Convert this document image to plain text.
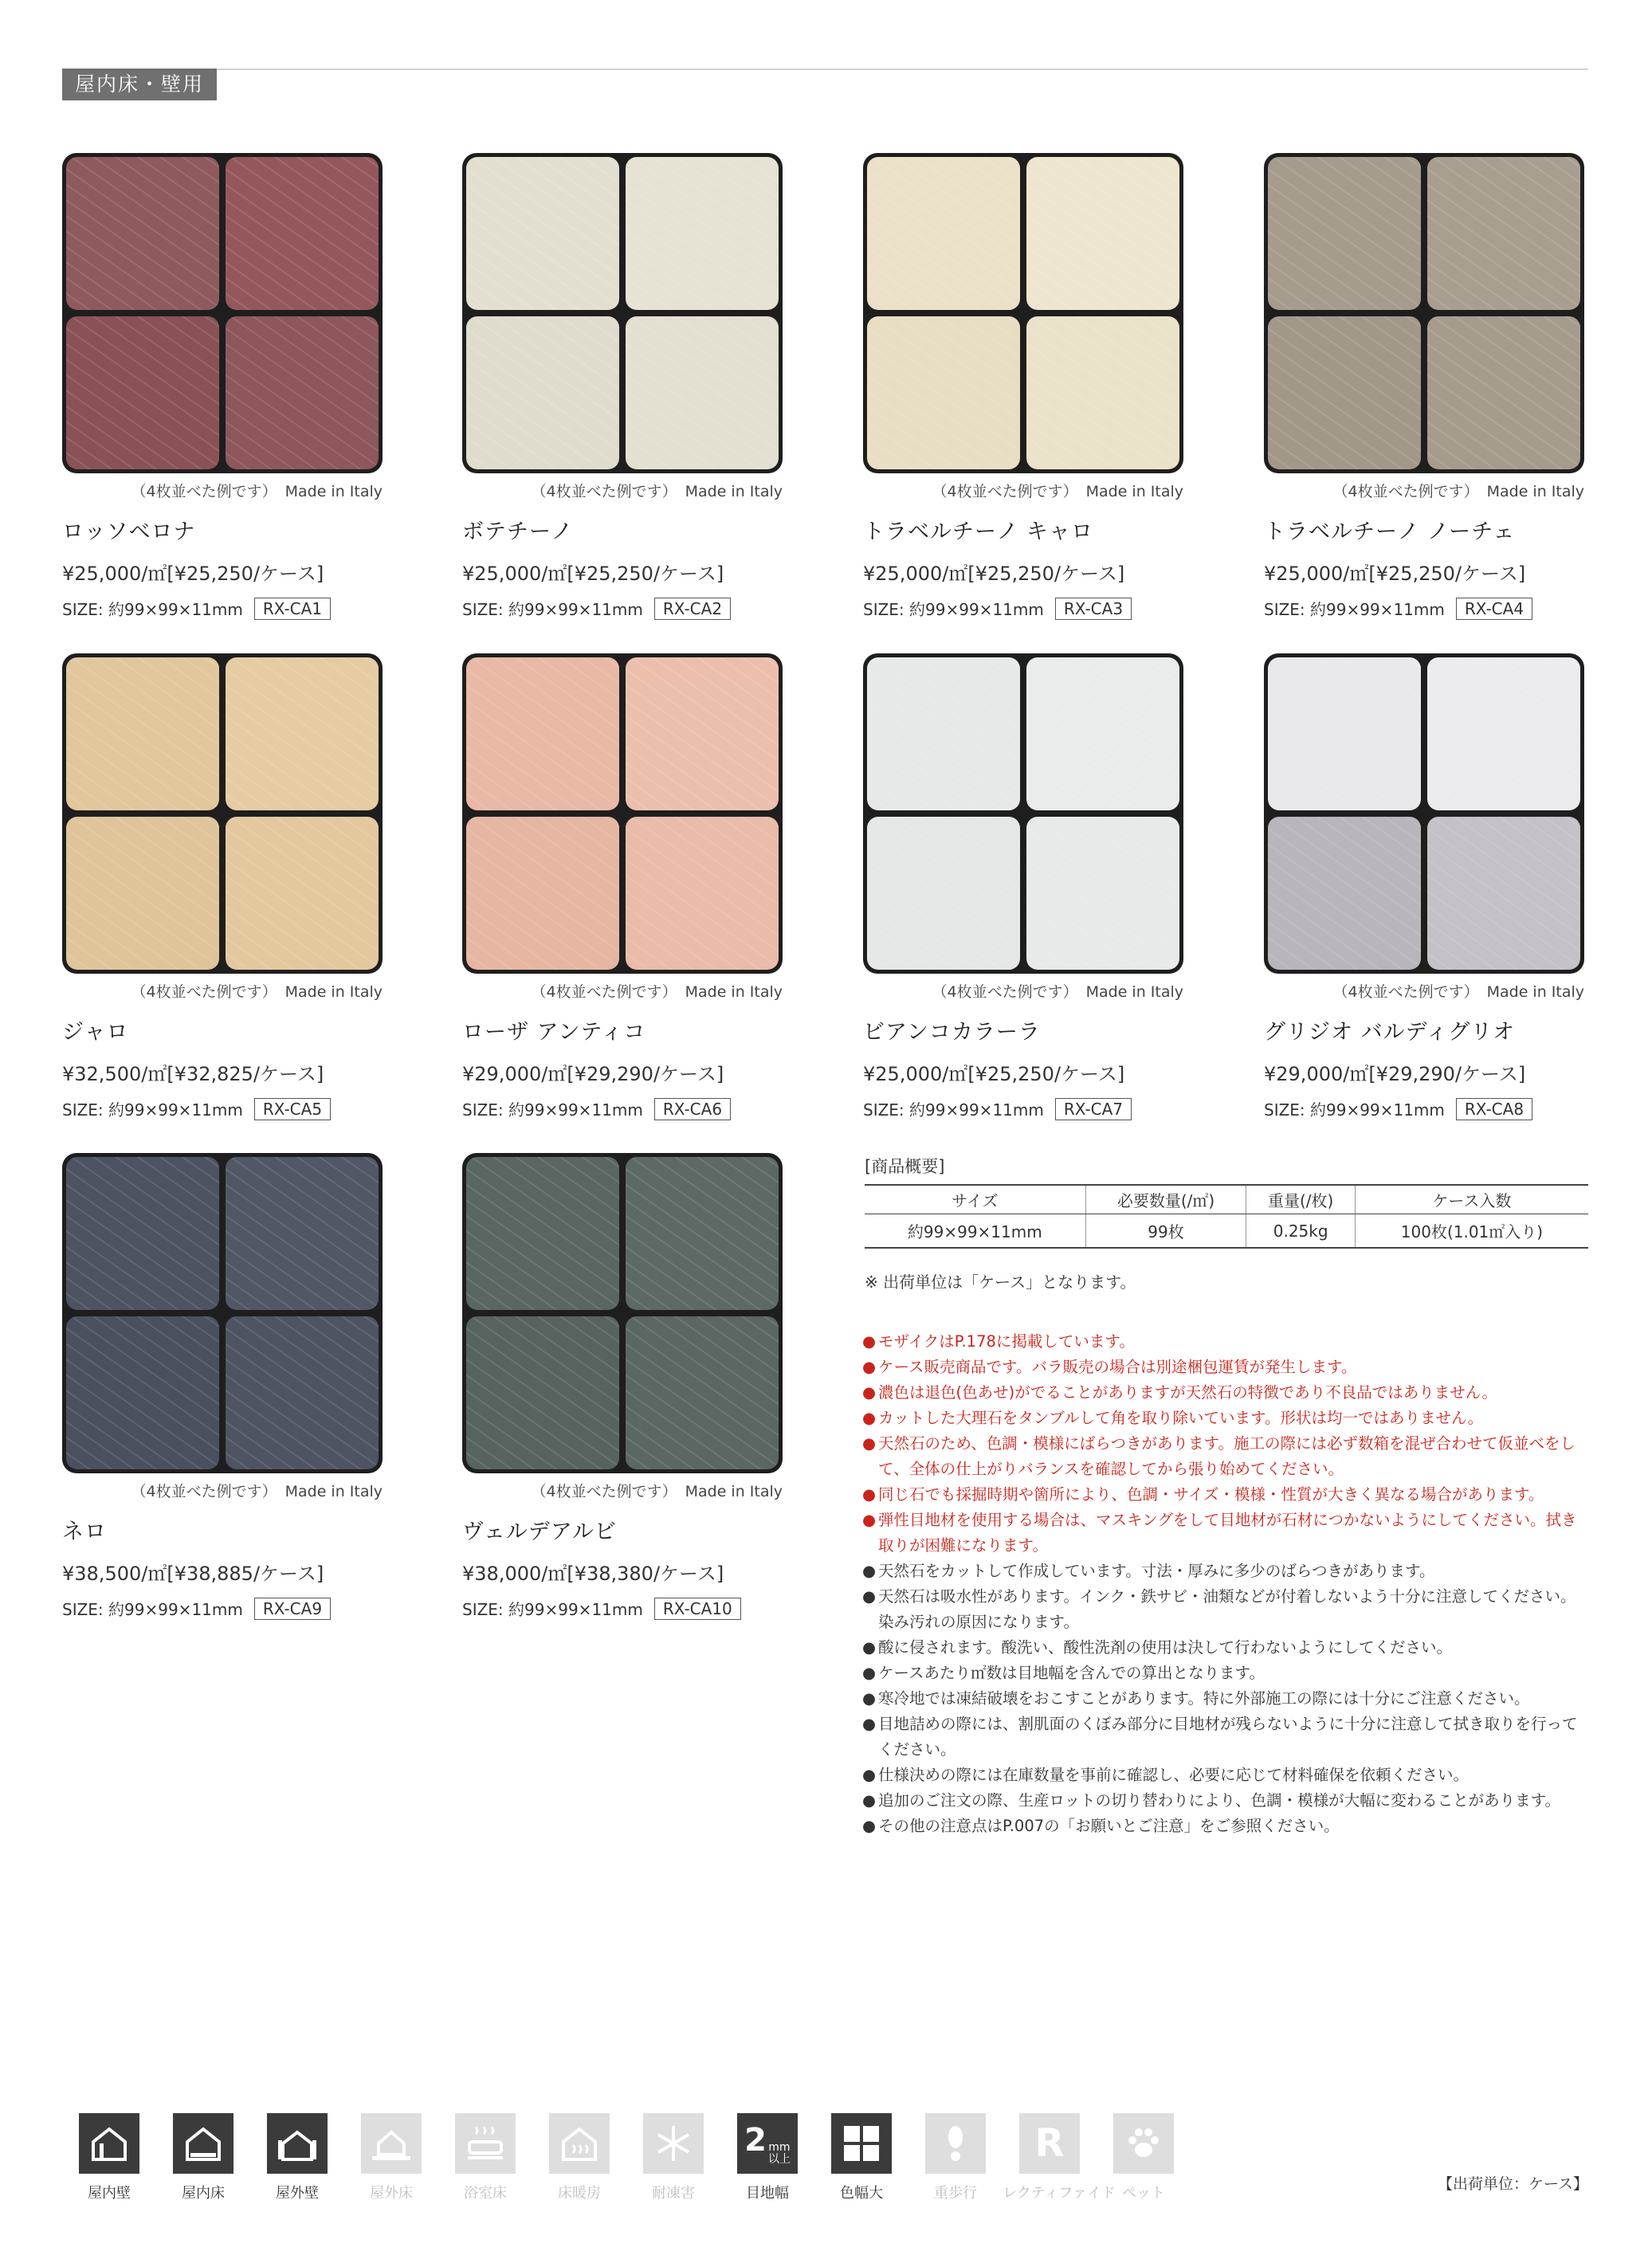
屋内床・壁用
（4枚並べた例です） Made in Italy
ロッソベロナ
¥25,000/㎡[¥25,250/ケース]
SIZE: 約99×99×11mm	RX-CA1
（4枚並べた例です） Made in Italy
ボテチーノ
¥25,000/㎡[¥25,250/ケース]
SIZE: 約99×99×11mm	RX-CA2
（4枚並べた例です） Made in Italy
トラベルチーノ キャロ
¥25,000/㎡[¥25,250/ケース]
SIZE: 約99×99×11mm	RX-CA3
（4枚並べた例です） Made in Italy
トラベルチーノ ノーチェ
¥25,000/㎡[¥25,250/ケース]
SIZE: 約99×99×11mm	RX-CA4
（4枚並べた例です） Made in Italy
ジャロ
¥32,500/㎡[¥32,825/ケース]
SIZE: 約99×99×11mm	RX-CA5
（4枚並べた例です） Made in Italy
ローザ アンティコ
¥29,000/㎡[¥29,290/ケース]
SIZE: 約99×99×11mm	RX-CA6
（4枚並べた例です） Made in Italy
ビアンコカラーラ
¥25,000/㎡[¥25,250/ケース]
SIZE: 約99×99×11mm	RX-CA7
（4枚並べた例です） Made in Italy
グリジオ バルディグリオ
¥29,000/㎡[¥29,290/ケース]
SIZE: 約99×99×11mm	RX-CA8
（4枚並べた例です） Made in Italy
ネロ
¥38,500/㎡[¥38,885/ケース]
SIZE: 約99×99×11mm	RX-CA9
（4枚並べた例です） Made in Italy
ヴェルデアルビ
¥38,000/㎡[¥38,380/ケース]
SIZE: 約99×99×11mm	RX-CA10
[商品概要]
サイズ	必要数量(/㎡)	重量(/枚)	ケース入数
約99×99×11mm	99枚	0.25kg	100枚(1.01㎡入り)
※ 出荷単位は「ケース」となります。
● モザイクはP.178に掲載しています。
● ケース販売商品です。バラ販売の場合は別途梱包運賃が発生します。
● 濃色は退色(色あせ)がでることがありますが天然石の特徴であり不良品ではありません。
● カットした大理石をタンブルして角を取り除いています。形状は均一ではありません。
● 天然石のため、色調・模様にばらつきがあります。施工の際には必ず数箱を混ぜ合わせて仮並べをして、全体の仕上がりバランスを確認してから張り始めてください。
● 同じ石でも採掘時期や箇所により、色調・サイズ・模様・性質が大きく異なる場合があります。
● 弾性目地材を使用する場合は、マスキングをして目地材が石材につかないようにしてください。拭き取りが困難になります。
● 天然石をカットして作成しています。寸法・厚みに多少のばらつきがあります。
● 天然石は吸水性があります。インク・鉄サビ・油類などが付着しないよう十分に注意してください。染み汚れの原因になります。
● 酸に侵されます。酸洗い、酸性洗剤の使用は決して行わないようにしてください。
● ケースあたり㎡数は目地幅を含んでの算出となります。
● 寒冷地では凍結破壊をおこすことがあります。特に外部施工の際には十分にご注意ください。
● 目地詰めの際には、割肌面のくぼみ部分に目地材が残らないように十分に注意して拭き取りを行ってください。
● 仕様決めの際には在庫数量を事前に確認し、必要に応じて材料確保を依頼ください。
● 追加のご注文の際、生産ロットの切り替わりにより、色調・模様が大幅に変わることがあります。
● その他の注意点はP.007の「お願いとご注意」をご参照ください。
屋内壁	屋内床	屋外壁	屋外床	浴室床	床暖房	耐凍害
2 mm
以上
目地幅	色幅大	重歩行
R
レクティファイド ペット
【出荷単位：ケース】
